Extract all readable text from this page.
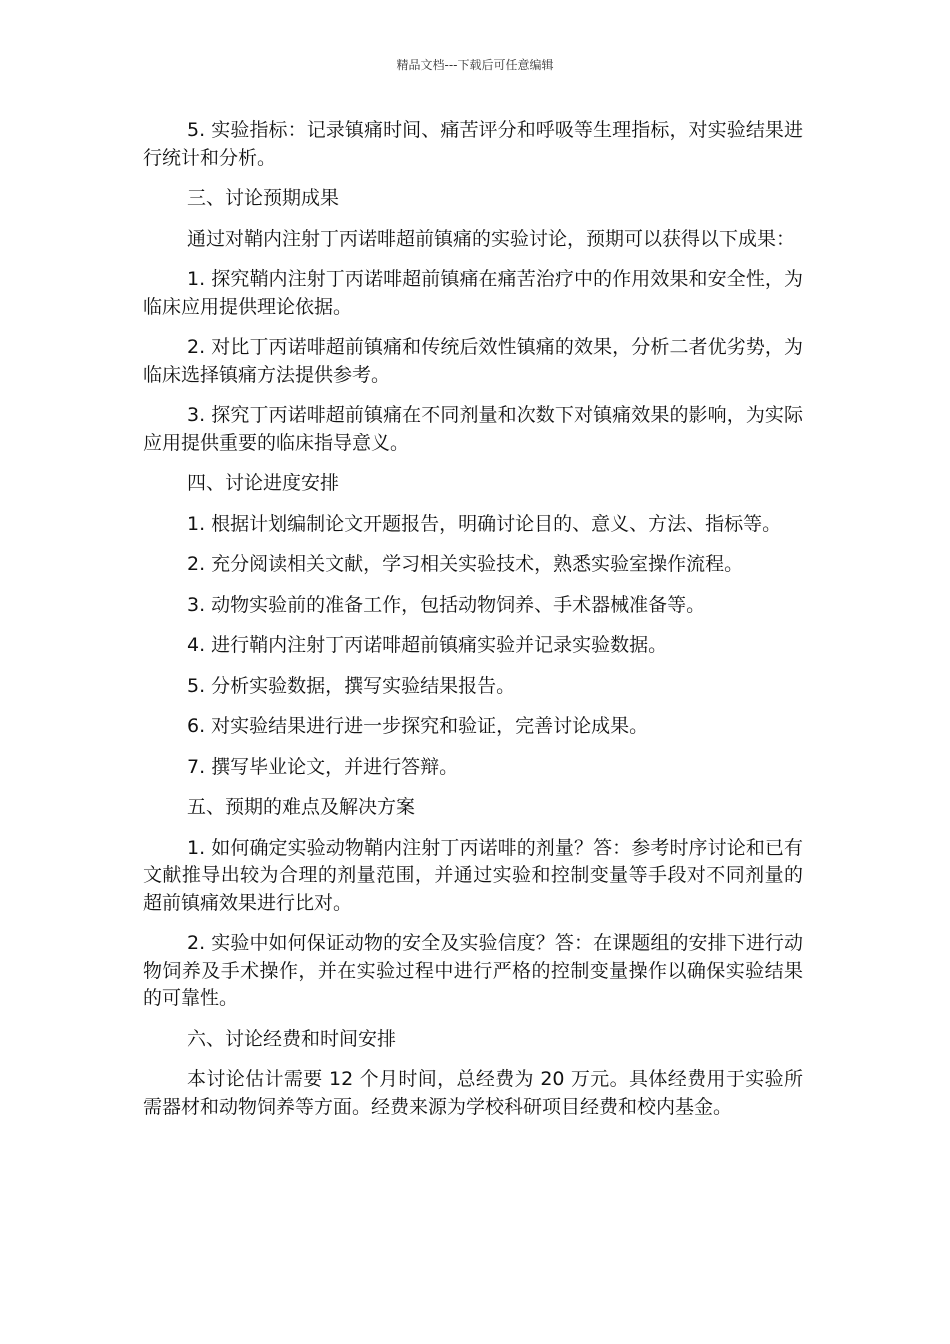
精品文档---下载后可任意编辑

5. 实验指标：记录镇痛时间、痛苦评分和呼吸等生理指标，对实验结果进行统计和分析。

三、讨论预期成果

通过对鞘内注射丁丙诺啡超前镇痛的实验讨论，预期可以获得以下成果：

1. 探究鞘内注射丁丙诺啡超前镇痛在痛苦治疗中的作用效果和安全性，为临床应用提供理论依据。

2. 对比丁丙诺啡超前镇痛和传统后效性镇痛的效果，分析二者优劣势，为临床选择镇痛方法提供参考。

3. 探究丁丙诺啡超前镇痛在不同剂量和次数下对镇痛效果的影响，为实际应用提供重要的临床指导意义。

四、讨论进度安排

1. 根据计划编制论文开题报告，明确讨论目的、意义、方法、指标等。

2. 充分阅读相关文献，学习相关实验技术，熟悉实验室操作流程。

3. 动物实验前的准备工作，包括动物饲养、手术器械准备等。

4. 进行鞘内注射丁丙诺啡超前镇痛实验并记录实验数据。

5. 分析实验数据，撰写实验结果报告。

6. 对实验结果进行进一步探究和验证，完善讨论成果。

7. 撰写毕业论文，并进行答辩。

五、预期的难点及解决方案

1. 如何确定实验动物鞘内注射丁丙诺啡的剂量？答：参考时序讨论和已有文献推导出较为合理的剂量范围，并通过实验和控制变量等手段对不同剂量的超前镇痛效果进行比对。

2. 实验中如何保证动物的安全及实验信度？答：在课题组的安排下进行动物饲养及手术操作，并在实验过程中进行严格的控制变量操作以确保实验结果的可靠性。

六、讨论经费和时间安排

本讨论估计需要 12 个月时间，总经费为 20 万元。具体经费用于实验所需器材和动物饲养等方面。经费来源为学校科研项目经费和校内基金。
